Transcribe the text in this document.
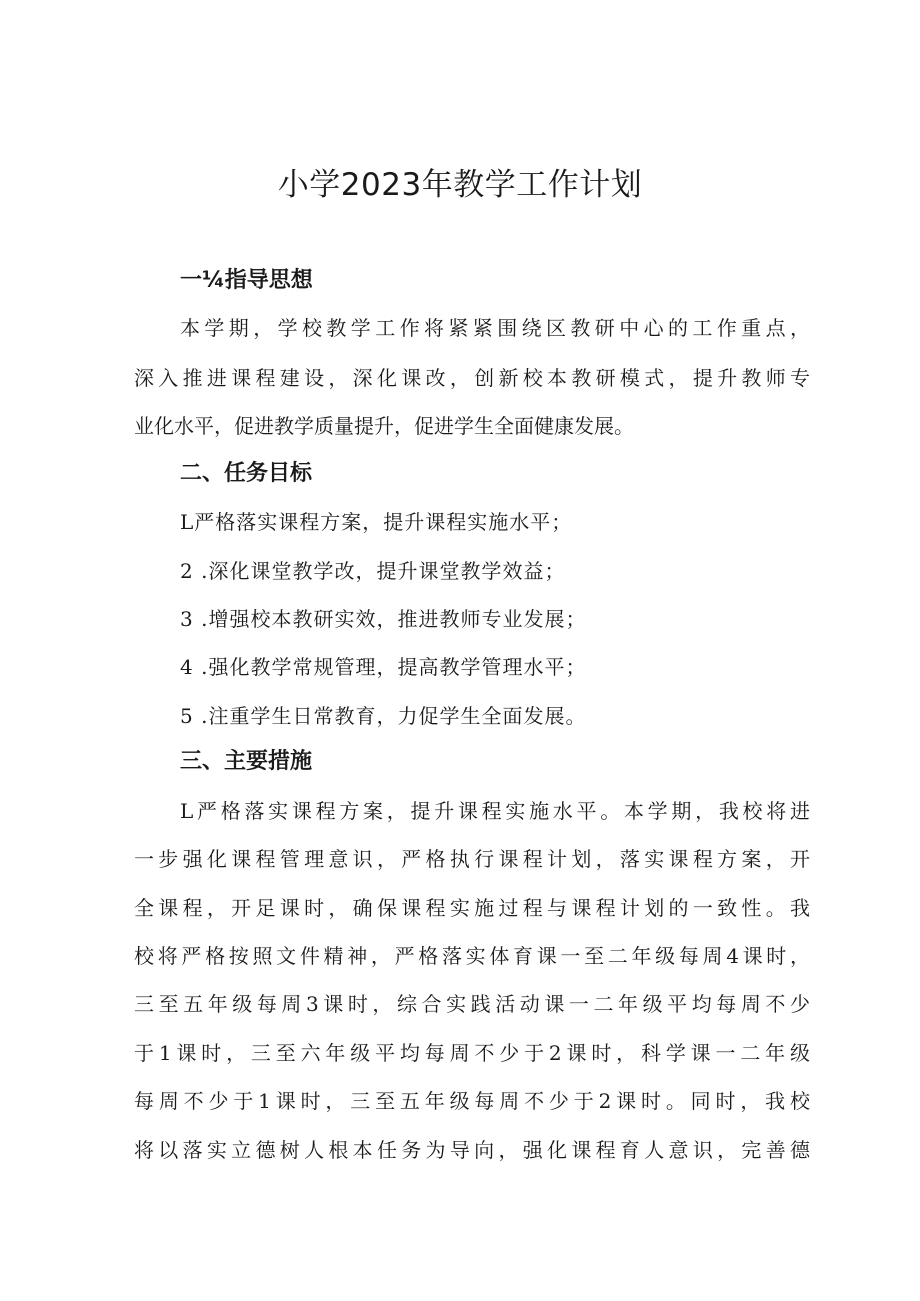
小学2023年教学工作计划
一¼指导思想

本学期，学校教学工作将紧紧围绕区教研中心的工作重点，

深入推进课程建设，深化课改，创新校本教研模式，提升教师专

业化水平，促进教学质量提升，促进学生全面健康发展。

二、任务目标

L严格落实课程方案，提升课程实施水平；

2 .深化课堂教学改，提升课堂教学效益；

3 .增强校本教研实效，推进教师专业发展；

4 .强化教学常规管理，提高教学管理水平；

5 .注重学生日常教育，力促学生全面发展。

三、主要措施

L严格落实课程方案，提升课程实施水平。本学期，我校将进

一步强化课程管理意识，严格执行课程计划，落实课程方案，开

全课程，开足课时，确保课程实施过程与课程计划的一致性。我

校将严格按照文件精神，严格落实体育课一至二年级每周4课时，

三至五年级每周3课时，综合实践活动课一二年级平均每周不少

于1课时，三至六年级平均每周不少于2课时，科学课一二年级

每周不少于1课时，三至五年级每周不少于2课时。同时，我校

将以落实立德树人根本任务为导向，强化课程育人意识，完善德
